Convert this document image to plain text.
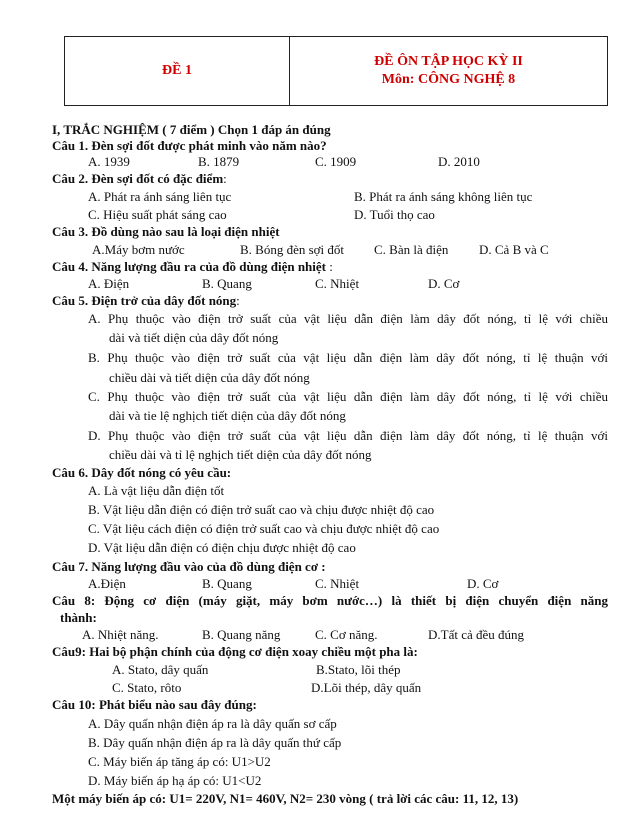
ĐỀ 1
ĐỀ ÔN TẬP HỌC KỲ II
Môn: CÔNG NGHỆ 8
I, TRẮC NGHIỆM ( 7 điểm ) Chọn 1 đáp án đúng
Câu 1. Đèn sợi đốt được phát minh vào năm nào?
A. 1939	B. 1879	C. 1909	D. 2010
Câu 2. Đèn sợi đốt có đặc điểm:
A. Phát ra ánh sáng liên tục	B. Phát ra ánh sáng không liên tục
C. Hiệu suất phát sáng cao	D. Tuổi thọ cao
Câu 3. Đồ dùng nào sau là loại điện nhiệt
A.Máy bơm nước	B. Bóng đèn sợi đốt C. Bàn là điện D. Cả B và C
Câu 4. Năng lượng đầu ra của đồ dùng điện nhiệt :
A. Điện	B. Quang	C. Nhiệt	D. Cơ
Câu 5. Điện trở của dây đốt nóng:
A. Phụ thuộc vào điện trở suất của vật liệu dẫn điện làm dây đốt nóng, tỉ lệ với chiều
dài và tiết diện của dây đốt nóng
B. Phụ thuộc vào điện trở suất của vật liệu dẫn điện làm dây đốt nóng, tỉ lệ thuận với
chiều dài và tiết diện của dây đốt nóng
C. Phụ thuộc vào điện trở suất của vật liệu dẫn điện làm dây đốt nóng, tỉ lệ với chiều
dài và tie lệ nghịch tiết diện của dây đốt nóng
D. Phụ thuộc vào điện trở suất của vật liệu dẫn điện làm dây đốt nóng, tỉ lệ thuận với
chiều dài và tỉ lệ nghịch tiết diện của dây đốt nóng
Câu 6. Dây đốt nóng có yêu cầu:
A. Là vật liệu dẫn điện tốt
B. Vật liệu dẫn điện có điện trở suất cao và chịu được nhiệt độ cao
C. Vật liệu cách điện có điện trở suất cao và chịu được nhiệt độ cao
D. Vật liệu dẫn điện có điện chịu được nhiệt độ cao
Câu 7. Năng lượng đầu vào của đồ dùng điện cơ :
A.Điện	B. Quang	C. Nhiệt	D. Cơ
Câu 8: Động cơ điện (máy giặt, máy bơm nước…) là thiết bị điện chuyển điện năng
thành:
A. Nhiệt năng.	B. Quang năng	C. Cơ năng.	D.Tất cả đều đúng
Câu9: Hai bộ phận chính của động cơ điện xoay chiều một pha là:
A. Stato, dây quấn	B.Stato, lõi thép
C. Stato, rôto	D.Lõi thép, dây quấn
Câu 10: Phát biểu nào sau đây đúng:
A. Dây quấn nhận điện áp ra là dây quấn sơ cấp
B. Dây quấn nhận điện áp ra là dây quấn thứ cấp
C. Máy biến áp tăng áp có: U1>U2
D. Máy biến áp hạ áp có: U1<U2
Một máy biến áp có: U1= 220V, N1= 460V, N2= 230 vòng ( trả lời các câu: 11, 12, 13)
